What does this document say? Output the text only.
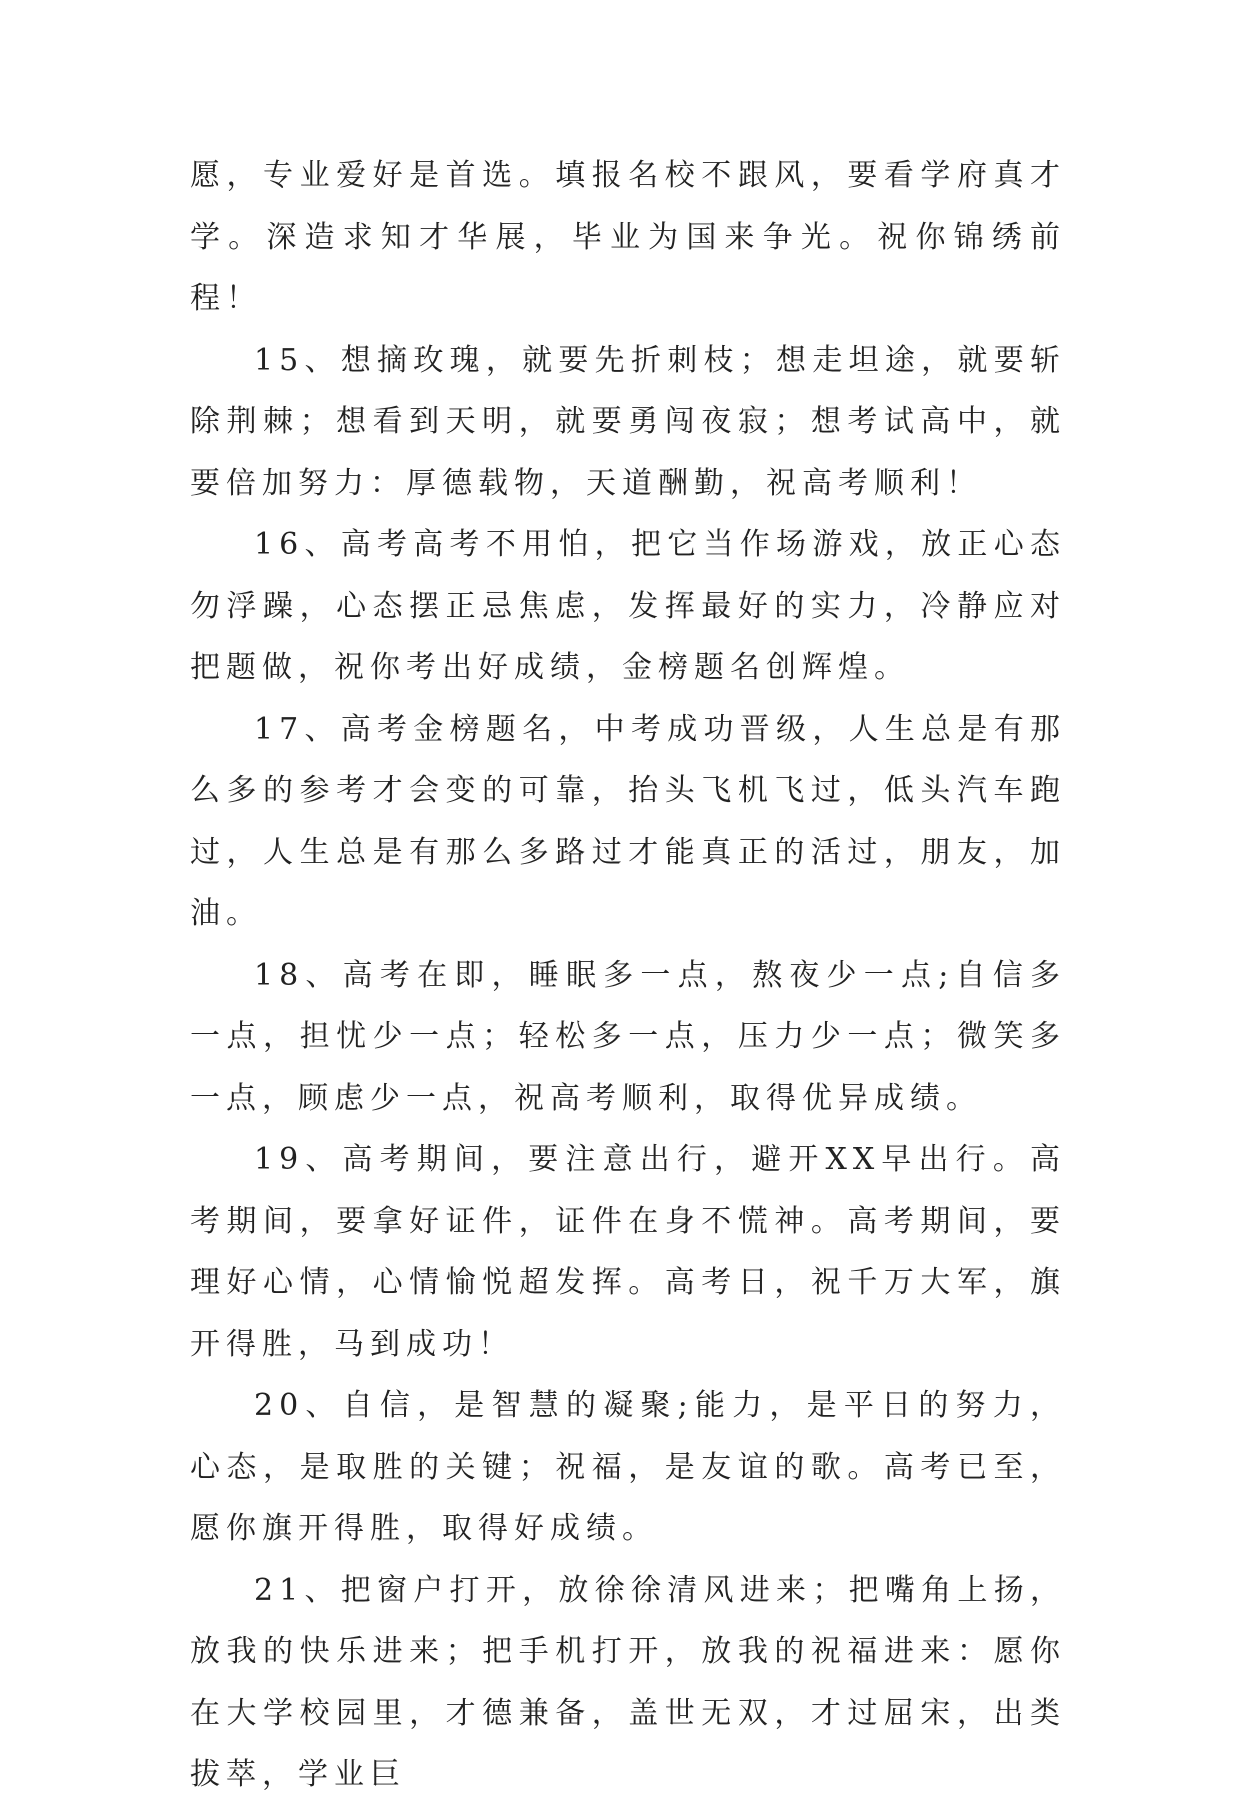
愿，专业爱好是首选。填报名校不跟风，要看学府真才学。深造求知才华展，毕业为国来争光。祝你锦绣前程！

15、想摘玫瑰，就要先折刺枝；想走坦途，就要斩除荆棘；想看到天明，就要勇闯夜寂；想考试高中，就要倍加努力：厚德载物，天道酬勤，祝高考顺利！

16、高考高考不用怕，把它当作场游戏，放正心态勿浮躁，心态摆正忌焦虑，发挥最好的实力，冷静应对把题做，祝你考出好成绩，金榜题名创辉煌。

17、高考金榜题名，中考成功晋级，人生总是有那么多的参考才会变的可靠，抬头飞机飞过，低头汽车跑过，人生总是有那么多路过才能真正的活过，朋友，加油。

18、高考在即，睡眠多一点，熬夜少一点;自信多一点，担忧少一点；轻松多一点，压力少一点；微笑多一点，顾虑少一点，祝高考顺利，取得优异成绩。

19、高考期间，要注意出行，避开XX早出行。高考期间，要拿好证件，证件在身不慌神。高考期间，要理好心情，心情愉悦超发挥。高考日，祝千万大军，旗开得胜，马到成功！

20、自信，是智慧的凝聚;能力，是平日的努力，心态，是取胜的关键；祝福，是友谊的歌。高考已至，愿你旗开得胜，取得好成绩。

21、把窗户打开，放徐徐清风进来；把嘴角上扬，放我的快乐进来；把手机打开，放我的祝福进来：愿你在大学校园里，才德兼备，盖世无双，才过屈宋，出类拔萃，学业巨
